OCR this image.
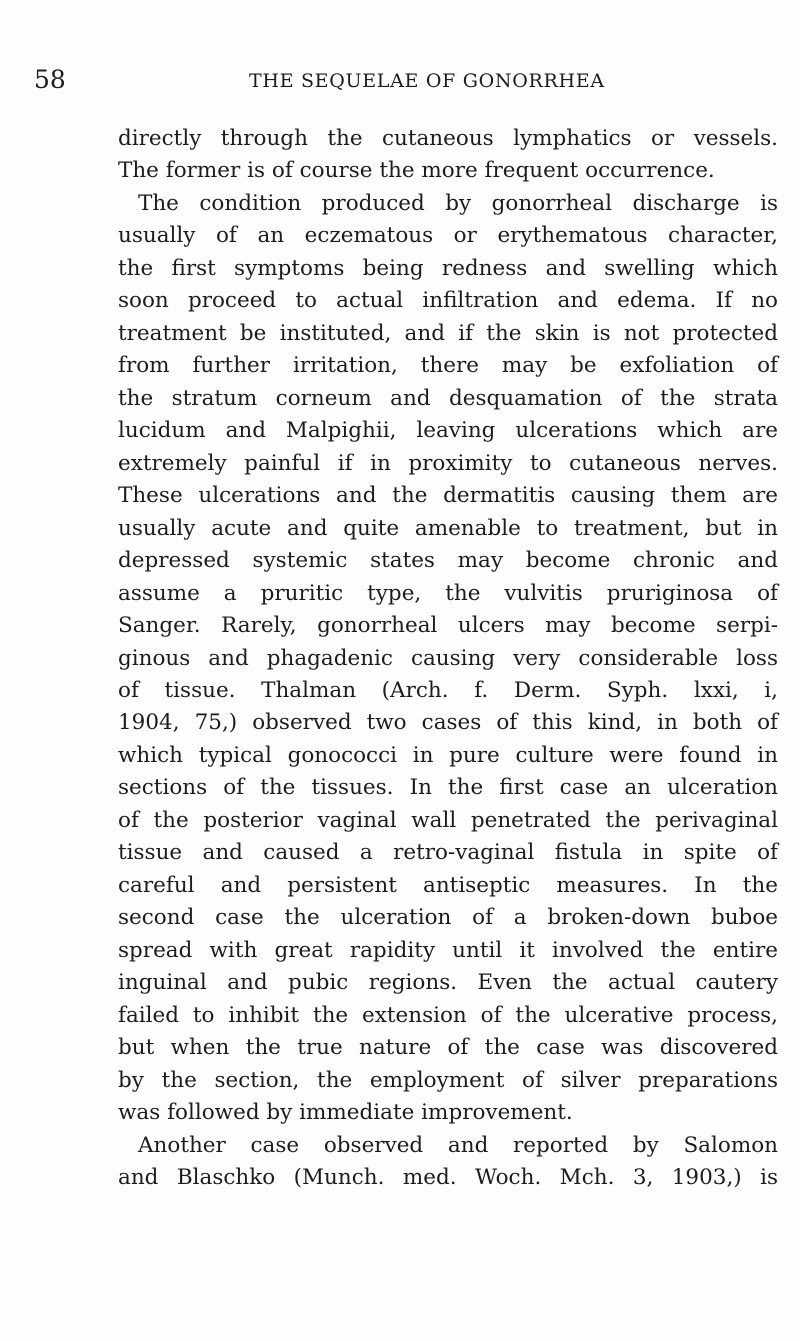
58	THE SEQUELAE OF GONORRHEA
directly through the cutaneous lymphatics or vessels.
The former is of course the more frequent occurrence.
The condition produced by gonorrheal discharge is
usually of an eczematous or erythematous character,
the first symptoms being redness and swelling which
soon proceed to actual infiltration and edema. If no
treatment be instituted, and if the skin is not protected
from further irritation, there may be exfoliation of
the stratum corneum and desquamation of the strata
lucidum and Malpighii, leaving ulcerations which are
extremely painful if in proximity to cutaneous nerves.
These ulcerations and the dermatitis causing them are
usually acute and quite amenable to treatment, but in
depressed systemic states may become chronic and
assume a pruritic type, the vulvitis pruriginosa of
Sanger. Rarely, gonorrheal ulcers may become serpi-
ginous and phagadenic causing very considerable loss
of tissue. Thalman (Arch. f. Derm. Syph. lxxi, i,
1904, 75,) observed two cases of this kind, in both of
which typical gonococci in pure culture were found in
sections of the tissues. In the first case an ulceration
of the posterior vaginal wall penetrated the perivaginal
tissue and caused a retro-vaginal fistula in spite of
careful and persistent antiseptic measures. In the
second case the ulceration of a broken-down buboe
spread with great rapidity until it involved the entire
inguinal and pubic regions. Even the actual cautery
failed to inhibit the extension of the ulcerative process,
but when the true nature of the case was discovered
by the section, the employment of silver preparations
was followed by immediate improvement.
Another case observed and reported by Salomon
and Blaschko (Munch. med. Woch. Mch. 3, 1903,) is
